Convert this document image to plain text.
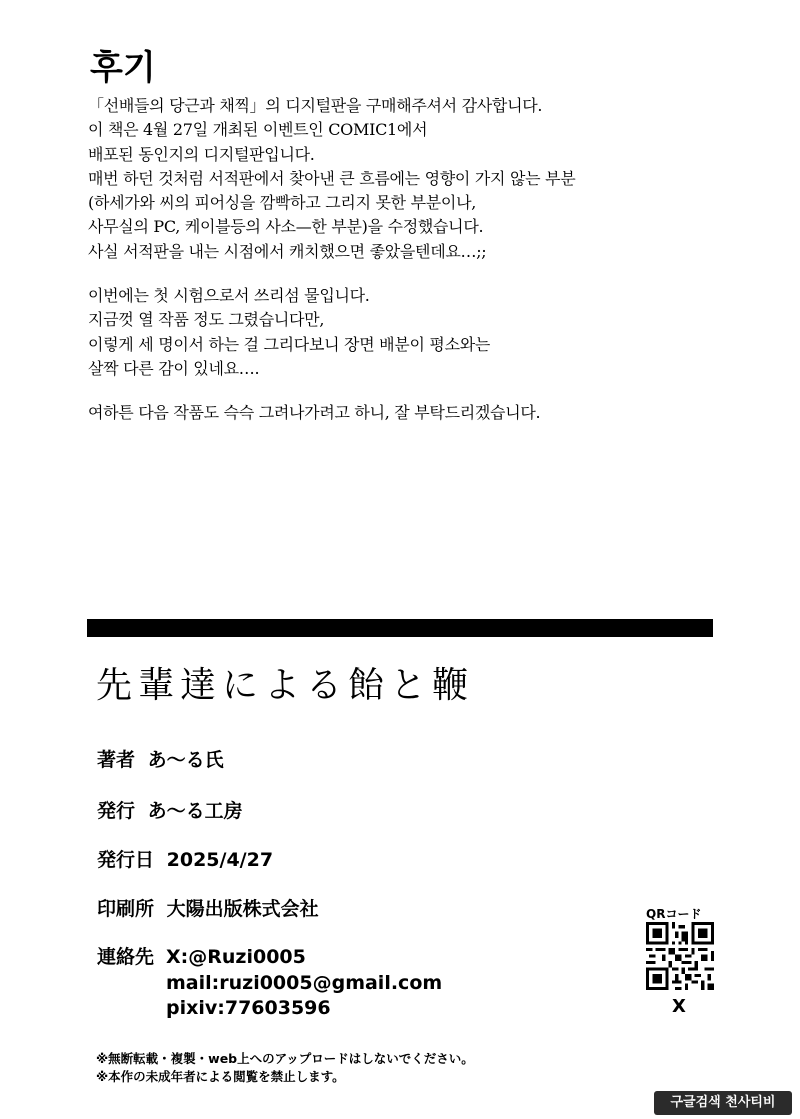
후기
「선배들의 당근과 채찍」의 디지털판을 구매해주셔서 감사합니다.
이 책은 4월 27일 개최된 이벤트인 COMIC1에서
배포된 동인지의 디지털판입니다.
매번 하던 것처럼 서적판에서 찾아낸 큰 흐름에는 영향이 가지 않는 부분
(하세가와 씨의 피어싱을 깜빡하고 그리지 못한 부분이나,
사무실의 PC, 케이블등의 사소—한 부분)을 수정했습니다.
사실 서적판을 내는 시점에서 캐치했으면 좋았을텐데요…;;
이번에는 첫 시험으로서 쓰리섬 물입니다.
지금껏 열 작품 정도 그렸습니다만,
이렇게 세 명이서 하는 걸 그리다보니 장면 배분이 평소와는
살짝 다른 감이 있네요….
여하튼 다음 작품도 슥슥 그려나가려고 하니, 잘 부탁드리겠습니다.
先輩達による飴と鞭
著者 あ〜る氏
発行 あ〜る工房
発行日 2025/4/27
印刷所 大陽出版株式会社
連絡先 X:@Ruzi0005
mail:ruzi0005@gmail.com
pixiv:77603596
QRコード
X
※無断転載・複製・web上へのアップロードはしないでください。
※本作の未成年者による閲覧を禁止します。
구글검색 천사티비
